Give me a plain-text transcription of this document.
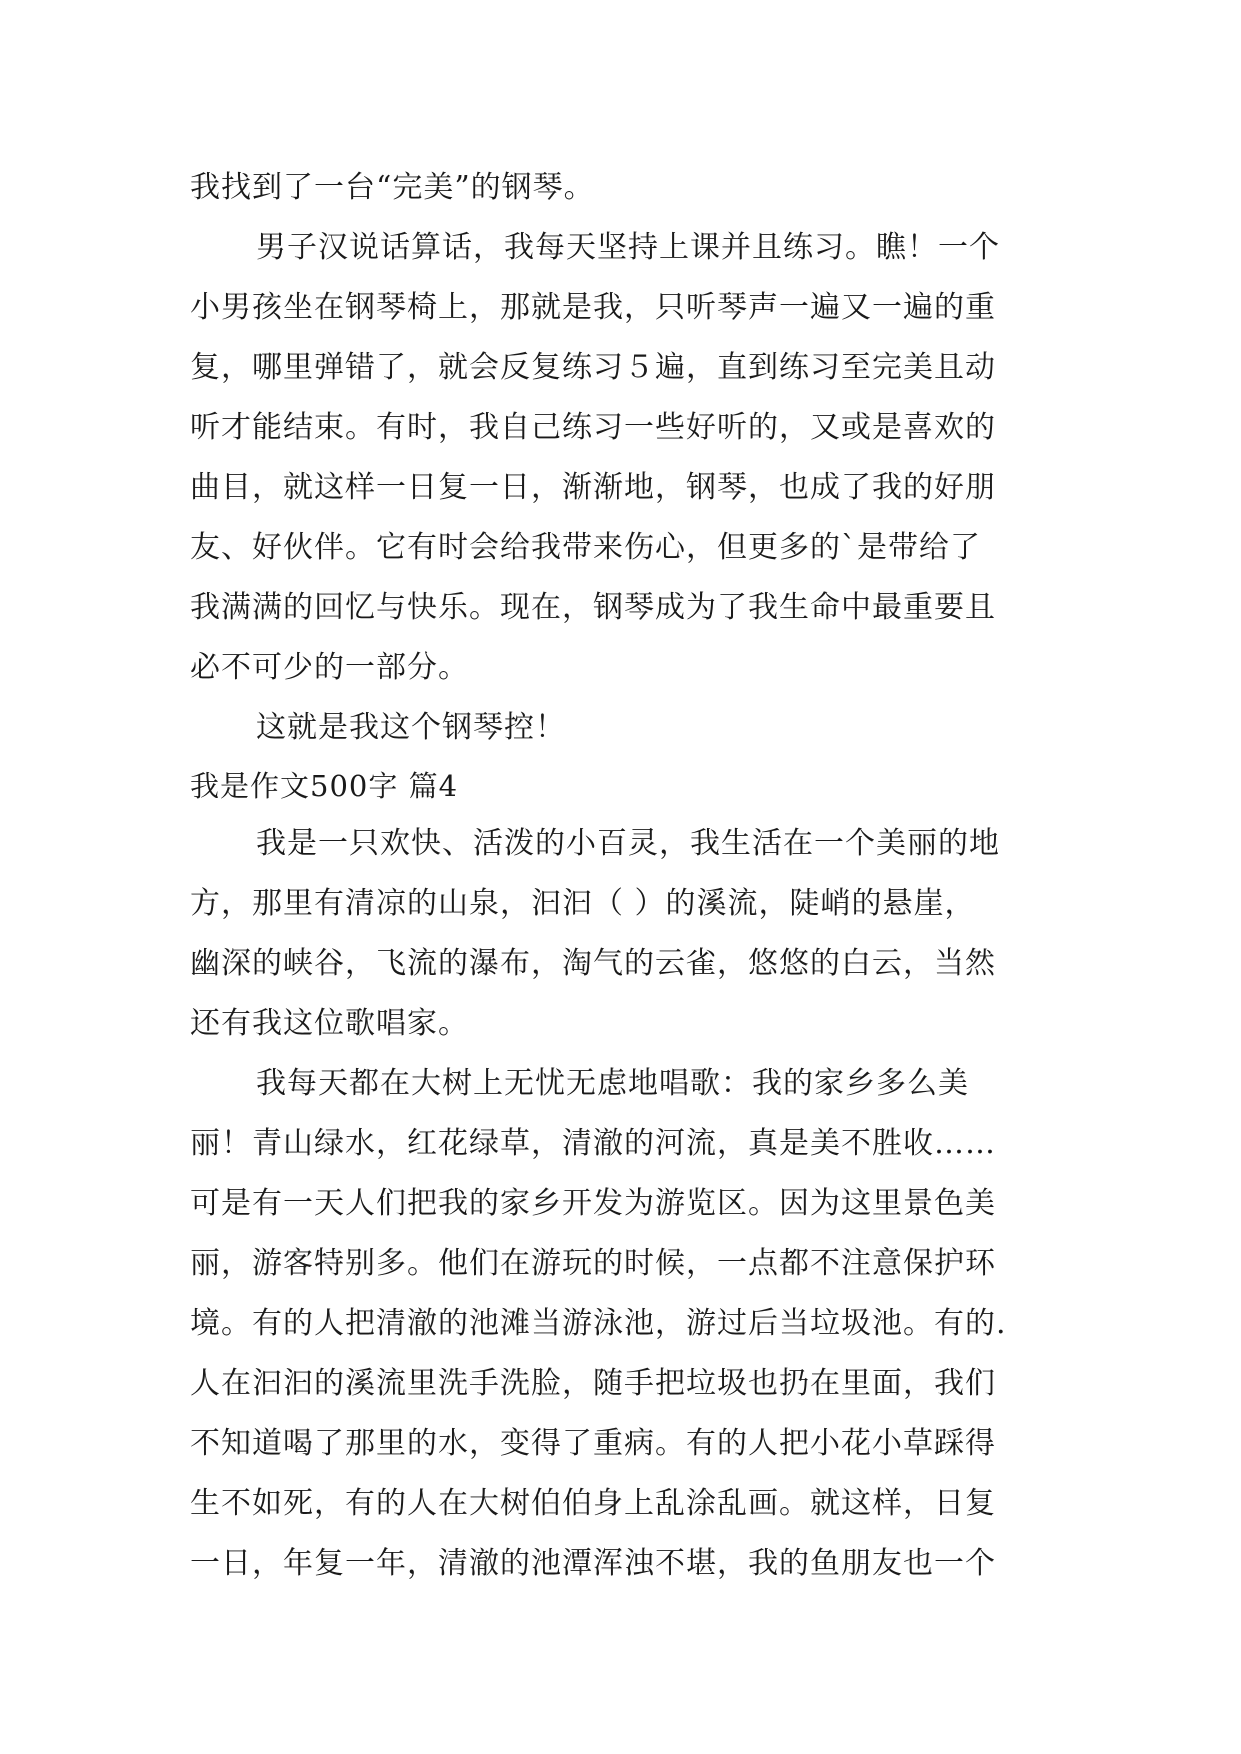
我找到了一台“完美”的钢琴。
男子汉说话算话，我每天坚持上课并且练习。瞧！一个
小男孩坐在钢琴椅上，那就是我，只听琴声一遍又一遍的重
复，哪里弹错了，就会反复练习５遍，直到练习至完美且动
听才能结束。有时，我自己练习一些好听的，又或是喜欢的
曲目，就这样一日复一日，渐渐地，钢琴，也成了我的好朋
友、好伙伴。它有时会给我带来伤心，但更多的`是带给了
我满满的回忆与快乐。现在，钢琴成为了我生命中最重要且
必不可少的一部分。
这就是我这个钢琴控！
我是作文500字 篇4
我是一只欢快、活泼的小百灵，我生活在一个美丽的地
方，那里有清凉的山泉，汩汩（ ）的溪流，陡峭的悬崖，
幽深的峡谷，飞流的瀑布，淘气的云雀，悠悠的白云，当然
还有我这位歌唱家。
我每天都在大树上无忧无虑地唱歌：我的家乡多么美
丽！青山绿水，红花绿草，清澈的河流，真是美不胜收……
可是有一天人们把我的家乡开发为游览区。因为这里景色美
丽，游客特别多。他们在游玩的时候，一点都不注意保护环
境。有的人把清澈的池滩当游泳池，游过后当垃圾池。有的.
人在汩汩的溪流里洗手洗脸，随手把垃圾也扔在里面，我们
不知道喝了那里的水，变得了重病。有的人把小花小草踩得
生不如死，有的人在大树伯伯身上乱涂乱画。就这样，日复
一日，年复一年，清澈的池潭浑浊不堪，我的鱼朋友也一个
